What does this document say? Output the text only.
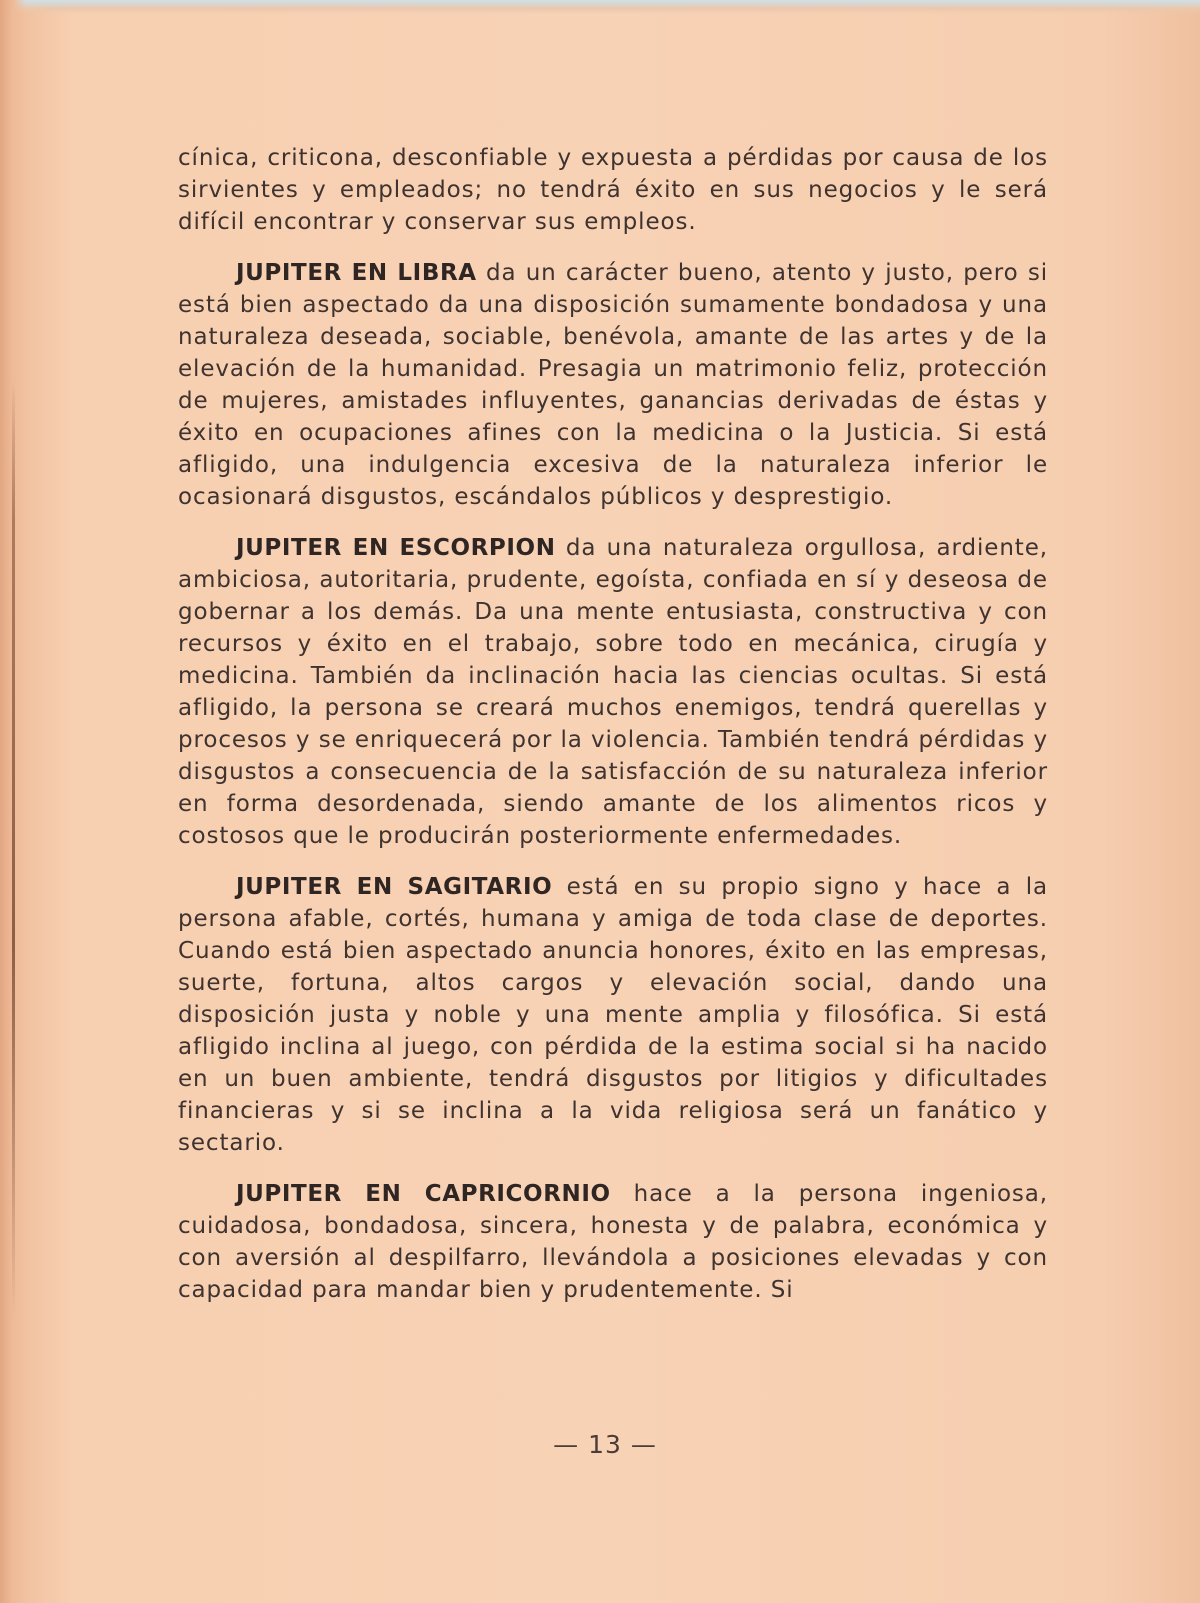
cínica, criticona, desconfiable y expuesta a pérdidas por causa de los sirvientes y empleados; no tendrá éxito en sus negocios y le será difícil encontrar y conservar sus empleos.

JUPITER EN LIBRA da un carácter bueno, atento y justo, pero si está bien aspectado da una disposición sumamente bondadosa y una naturaleza deseada, sociable, benévola, amante de las artes y de la elevación de la humanidad. Presagia un matrimonio feliz, protección de mujeres, amistades influyentes, ganancias derivadas de éstas y éxito en ocupaciones afines con la medicina o la Justicia. Si está afligido, una indulgencia excesiva de la naturaleza inferior le ocasionará disgustos, escándalos públicos y desprestigio.

JUPITER EN ESCORPION da una naturaleza orgullosa, ardiente, ambiciosa, autoritaria, prudente, egoísta, confiada en sí y deseosa de gobernar a los demás. Da una mente entusiasta, constructiva y con recursos y éxito en el trabajo, sobre todo en mecánica, cirugía y medicina. También da inclinación hacia las ciencias ocultas. Si está afligido, la persona se creará muchos enemigos, tendrá querellas y procesos y se enriquecerá por la violencia. También tendrá pérdidas y disgustos a consecuencia de la satisfacción de su naturaleza inferior en forma desordenada, siendo amante de los alimentos ricos y costosos que le producirán posteriormente enfermedades.

JUPITER EN SAGITARIO está en su propio signo y hace a la persona afable, cortés, humana y amiga de toda clase de deportes. Cuando está bien aspectado anuncia honores, éxito en las empresas, suerte, fortuna, altos cargos y elevación social, dando una disposición justa y noble y una mente amplia y filosófica. Si está afligido inclina al juego, con pérdida de la estima social si ha nacido en un buen ambiente, tendrá disgustos por litigios y dificultades financieras y si se inclina a la vida religiosa será un fanático y sectario.

JUPITER EN CAPRICORNIO hace a la persona ingeniosa, cuidadosa, bondadosa, sincera, honesta y de palabra, económica y con aversión al despilfarro, llevándola a posiciones elevadas y con capacidad para mandar bien y prudentemente. Si

— 13 —
